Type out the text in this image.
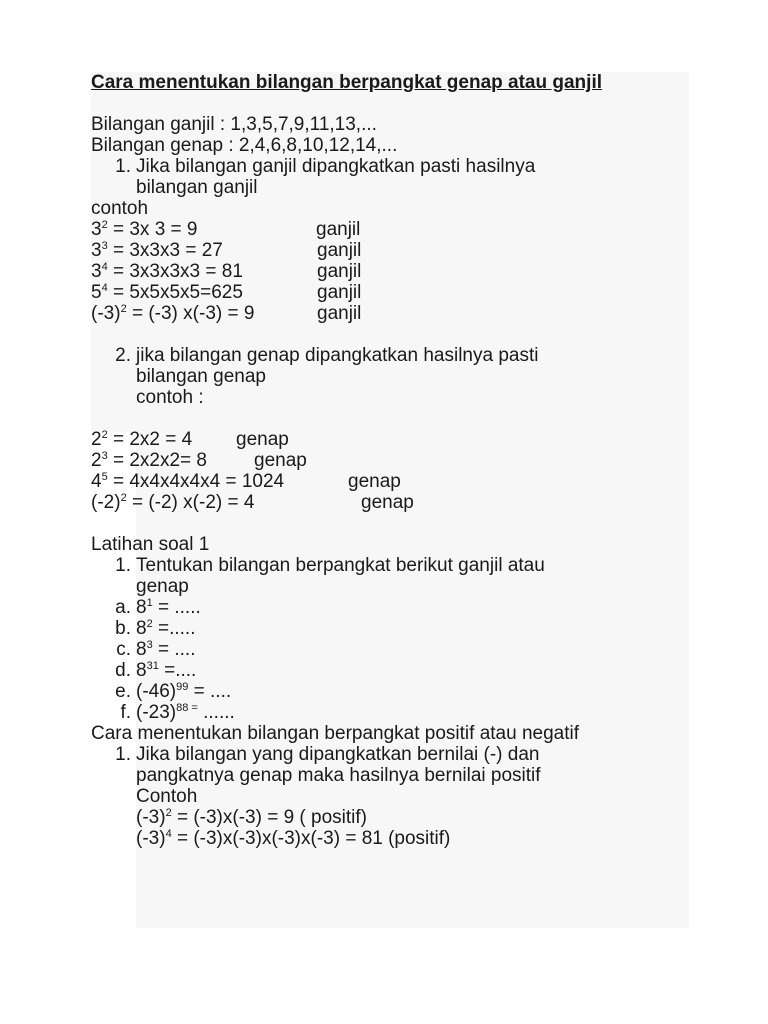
Cara menentukan bilangan berpangkat genap atau ganjil
Bilangan ganjil : 1,3,5,7,9,11,13,...
Bilangan genap : 2,4,6,8,10,12,14,...
1. Jika bilangan ganjil dipangkatkan pasti hasilnya
bilangan ganjil
contoh
$3^2 = 3x$ 3 = 9	ganjil
$3^3 = 3x3x3 = 27$	ganjil
$3^4 = 3x3x3x3 = 81$	ganjil
$5^4 = 5x5x5x5=625$	ganjil
$(-3)^2 = (-3) x(-3) = 9$	ganjil
2. jika bilangan genap dipangkatkan hasilnya pasti
bilangan genap
contoh :
$2^2 = 2x2 = 4$ genap
$2^3 = 2x2x2= 8$ genap
$4^5 = 4x4x4x4x4 = 1024$	genap
$(-2)^2 = (-2) x(-2) = 4$	genap
Latihan soal 1
1. Tentukan bilangan berpangkat berikut ganjil atau
genap
a. $8^1$ = .....
b. $8^2$ =.....
c. $8^3$ = ....
d. $8^{31}$ =....
e. $(-46)^{99}$ = ....
f. $(-23)^{88 =}$ ......
Cara menentukan bilangan berpangkat positif atau negatif
1. Jika bilangan yang dipangkatkan bernilai (-) dan
pangkatnya genap maka hasilnya bernilai positif
Contoh
$(-3)^2 = (-3)x(-3) = 9$ ( positif)
$(-3)^4 = (-3)x(-3)x(-3)x(-3) = 81$ (positif)
